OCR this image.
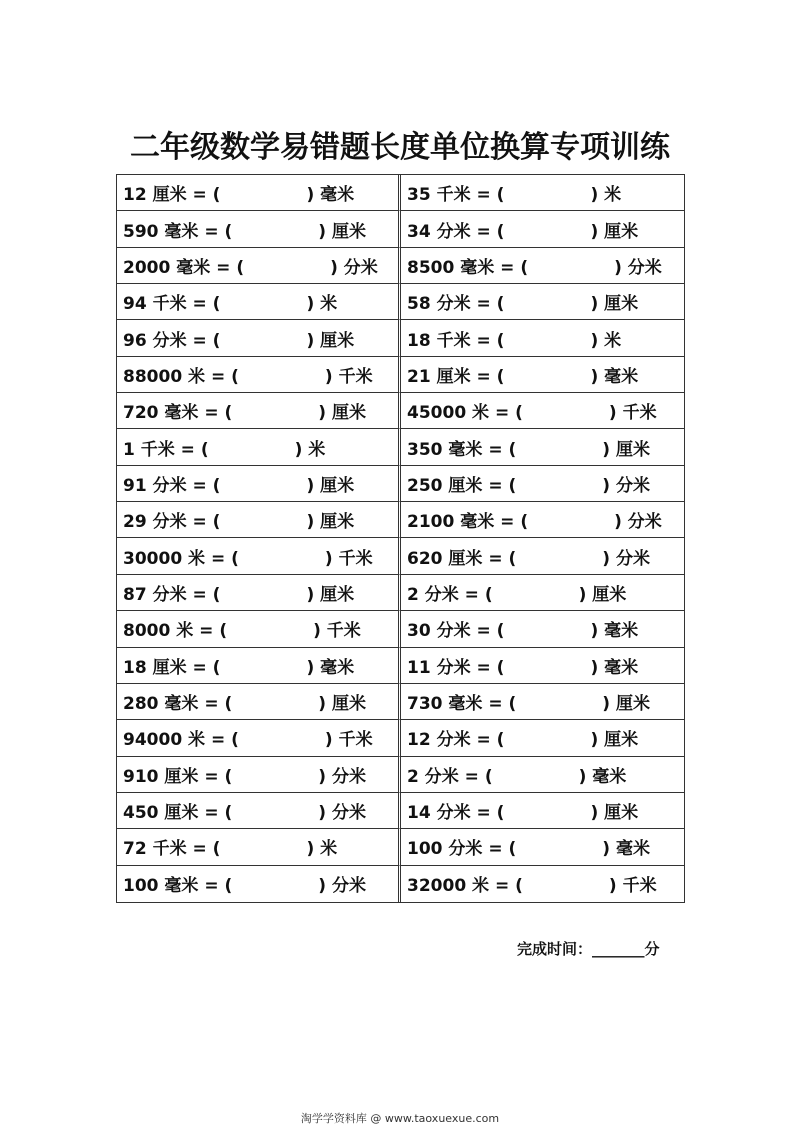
二年级数学易错题长度单位换算专项训练
12 厘米 = (	) 毫米	35 千米 = (	) 米
590 毫米 = (	) 厘米 34 分米 = (	) 厘米
2000 毫米 = (	) 分米 8500 毫米 = (	) 分米
94 千米 = (	) 米	58 分米 = (	) 厘米
96 分米 = (	) 厘米	18 千米 = (	) 米
88000 米 = (	) 千米 21 厘米 = (	) 毫米
720 毫米 = (	) 厘米 45000 米 = (	) 千米
1 千米 = (	) 米	350 毫米 = (	) 厘米
91 分米 = (	) 厘米	250 厘米 = (	) 分米
29 分米 = (	) 厘米	2100 毫米 = (	) 分米
30000 米 = (	) 千米 620 厘米 = (	) 分米
87 分米 = (	) 厘米	2 分米 = (	) 厘米
8000 米 = (	) 千米	30 分米 = (	) 毫米
18 厘米 = (	) 毫米	11 分米 = (	) 毫米
280 毫米 = (	) 厘米 730 毫米 = (	) 厘米
94000 米 = (	) 千米 12 分米 = (	) 厘米
910 厘米 = (	) 分米 2 分米 = (	) 毫米
450 厘米 = (	) 分米 14 分米 = (	) 厘米
72 千米 = (	) 米	100 分米 = (	) 毫米
100 毫米 = (	) 分米 32000 米 = (	) 千米
完成时间：_______分
淘学学资料库 @ www.taoxuexue.com
